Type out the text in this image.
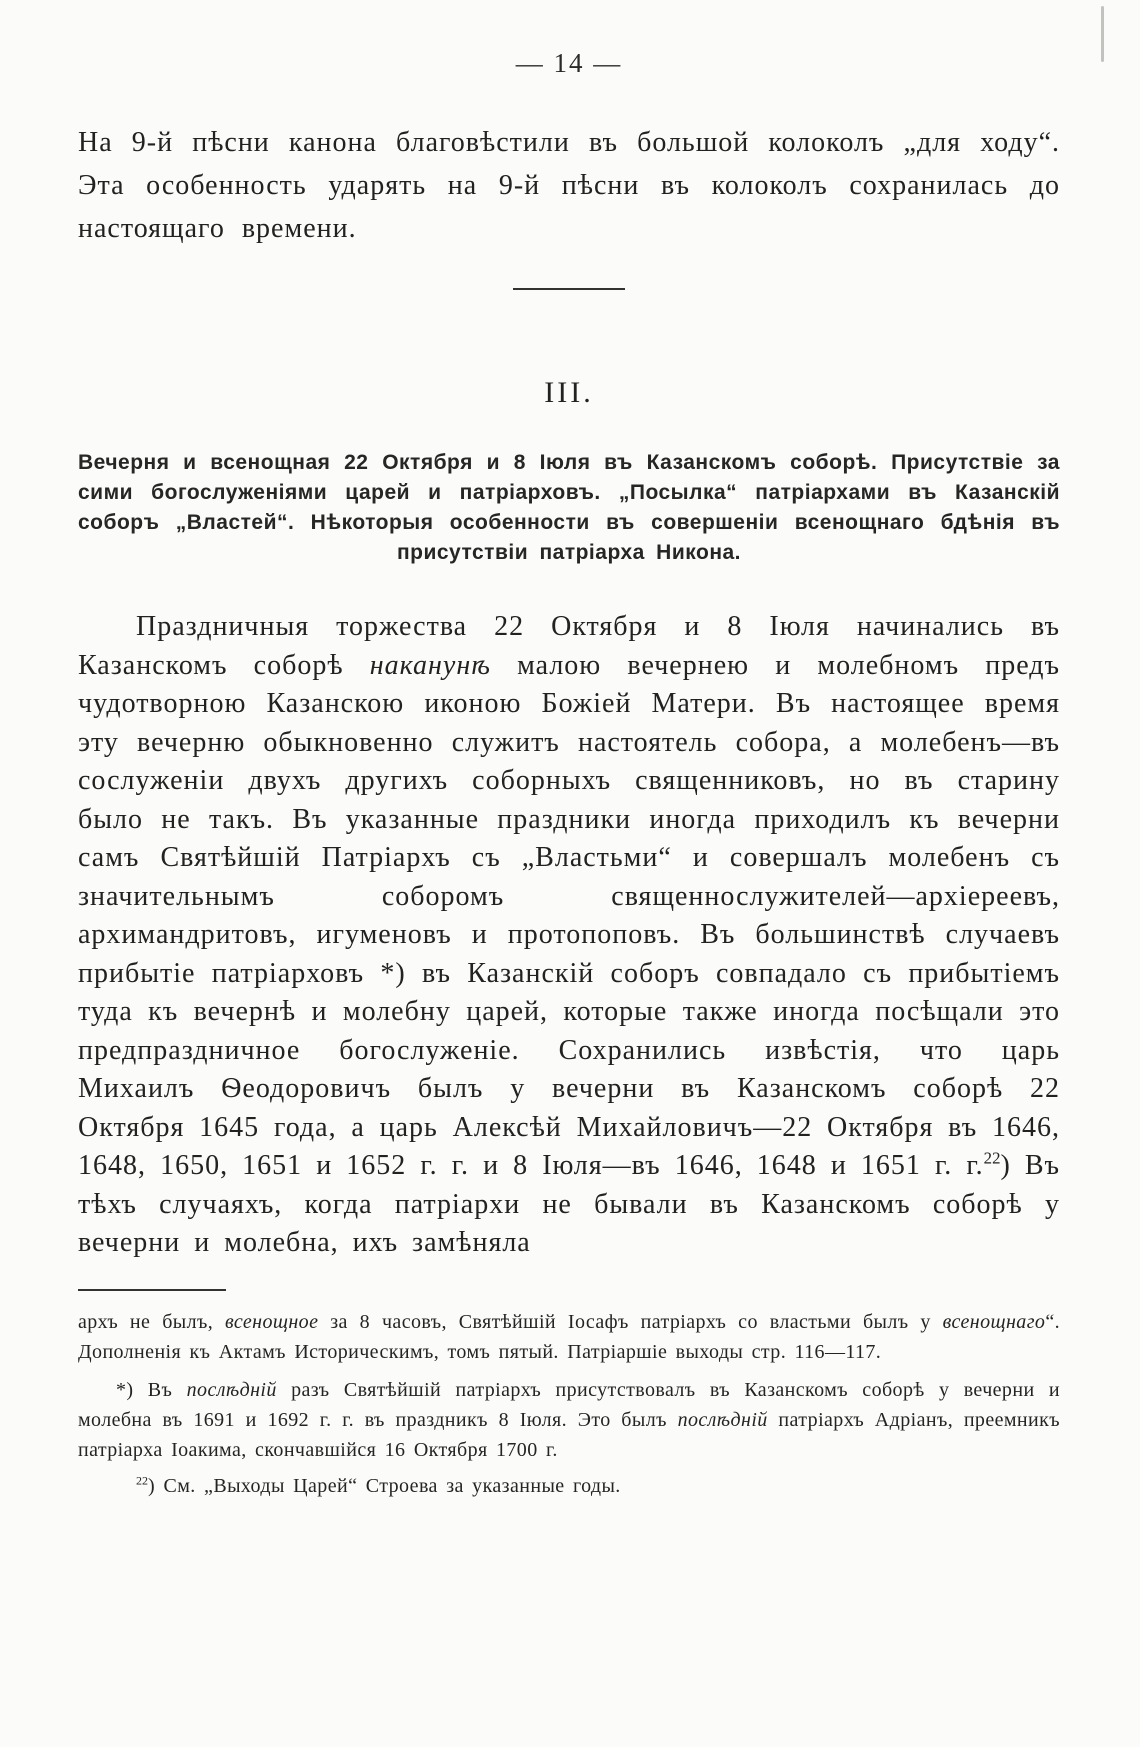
— 14 —

На 9-й пѣсни канона благовѣстили въ большой колоколъ „для ходу“. Эта особенность ударять на 9-й пѣсни въ колоколъ сохранилась до настоящаго времени.

III.

Вечерня и всенощная 22 Октября и 8 Іюля въ Казанскомъ соборѣ. Присутствіе за сими богослуженіями царей и патріарховъ. „Посылка“ патріархами въ Казанскій соборъ „Властей“. Нѣкоторыя особенности въ совершеніи всенощнаго бдѣнія въ присутствіи патріарха Никона.

Праздничныя торжества 22 Октября и 8 Іюля начинались въ Казанскомъ соборѣ наканунѣ малою вечернею и молебномъ предъ чудотворною Казанскою иконою Божіей Матери. Въ настоящее время эту вечерню обыкновенно служитъ настоятель собора, а молебенъ—въ сослуженіи двухъ другихъ соборныхъ священниковъ, но въ старину было не такъ. Въ указанные праздники иногда приходилъ къ вечерни самъ Святѣйшій Патріархъ съ „Властьми“ и совершалъ молебенъ съ значительнымъ соборомъ священнослужителей—архіереевъ, архимандритовъ, игуменовъ и протопоповъ. Въ большинствѣ случаевъ прибытіе патріарховъ *) въ Казанскій соборъ совпадало съ прибытіемъ туда къ вечернѣ и молебну царей, которые также иногда посѣщали это предпраздничное богослуженіе. Сохранились извѣстія, что царь Михаилъ Ѳеодоровичъ былъ у вечерни въ Казанскомъ соборѣ 22 Октября 1645 года, а царь Алексѣй Михайловичъ—22 Октября въ 1646, 1648, 1650, 1651 и 1652 г. г. и 8 Іюля—въ 1646, 1648 и 1651 г. г.$^{22}$) Въ тѣхъ случаяхъ, когда патріархи не бывали въ Казанскомъ соборѣ у вечерни и молебна, ихъ замѣняла

архъ не былъ, всенощное за 8 часовъ, Святѣйшій Іосафъ патріархъ со властьми былъ у всенощнаго“. Дополненія къ Актамъ Историческимъ, томъ пятый. Патріаршіе выходы стр. 116—117.

*) Въ послѣдній разъ Святѣйшій патріархъ присутствовалъ въ Казанскомъ соборѣ у вечерни и молебна въ 1691 и 1692 г. г. въ праздникъ 8 Іюля. Это былъ послѣдній патріархъ Адріанъ, преемникъ патріарха Іоакима, скончавшійся 16 Октября 1700 г.

$^{22}$) См. „Выходы Царей“ Строева за указанные годы.
